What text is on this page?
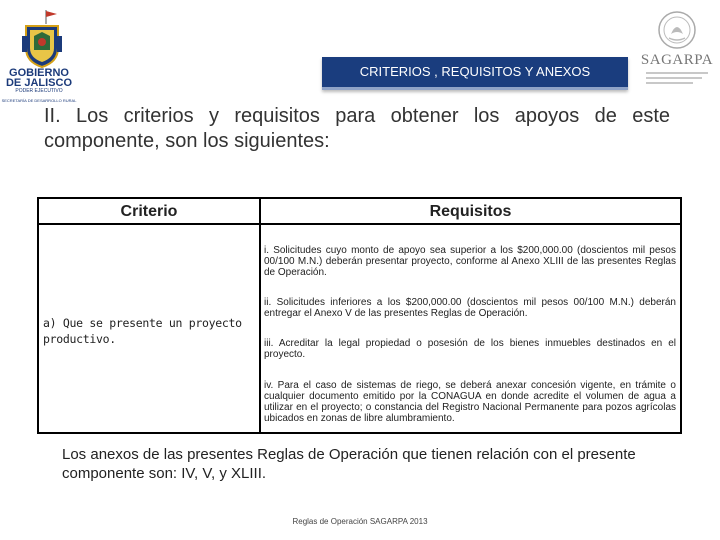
GOBIERNO
DE JALISCO
PODER EJECUTIVO
SECRETARÍA DE DESARROLLO RURAL
CRITERIOS , REQUISITOS Y ANEXOS
SAGARPA
II. Los criterios y requisitos para obtener los apoyos de este componente, son los siguientes:
Criterio	Requisitos
a) Que se presente un proyecto productivo.
i. Solicitudes cuyo monto de apoyo sea superior a los $200,000.00 (doscientos mil pesos 00/100 M.N.) deberán presentar proyecto, conforme al Anexo XLIII de las presentes Reglas de Operación.
ii. Solicitudes inferiores a los $200,000.00 (doscientos mil pesos 00/100 M.N.) deberán entregar el Anexo V de las presentes Reglas de Operación.
iii. Acreditar la legal propiedad o posesión de los bienes inmuebles destinados en el proyecto.
iv. Para el caso de sistemas de riego, se deberá anexar concesión vigente, en trámite o cualquier documento emitido por la CONAGUA en donde acredite el volumen de agua a utilizar en el proyecto; o constancia del Registro Nacional Permanente para pozos agrícolas ubicados en zonas de libre alumbramiento.
Los anexos de las presentes Reglas de Operación que tienen relación con el presente componente son: IV, V, y XLIII.
Reglas de Operación SAGARPA 2013
